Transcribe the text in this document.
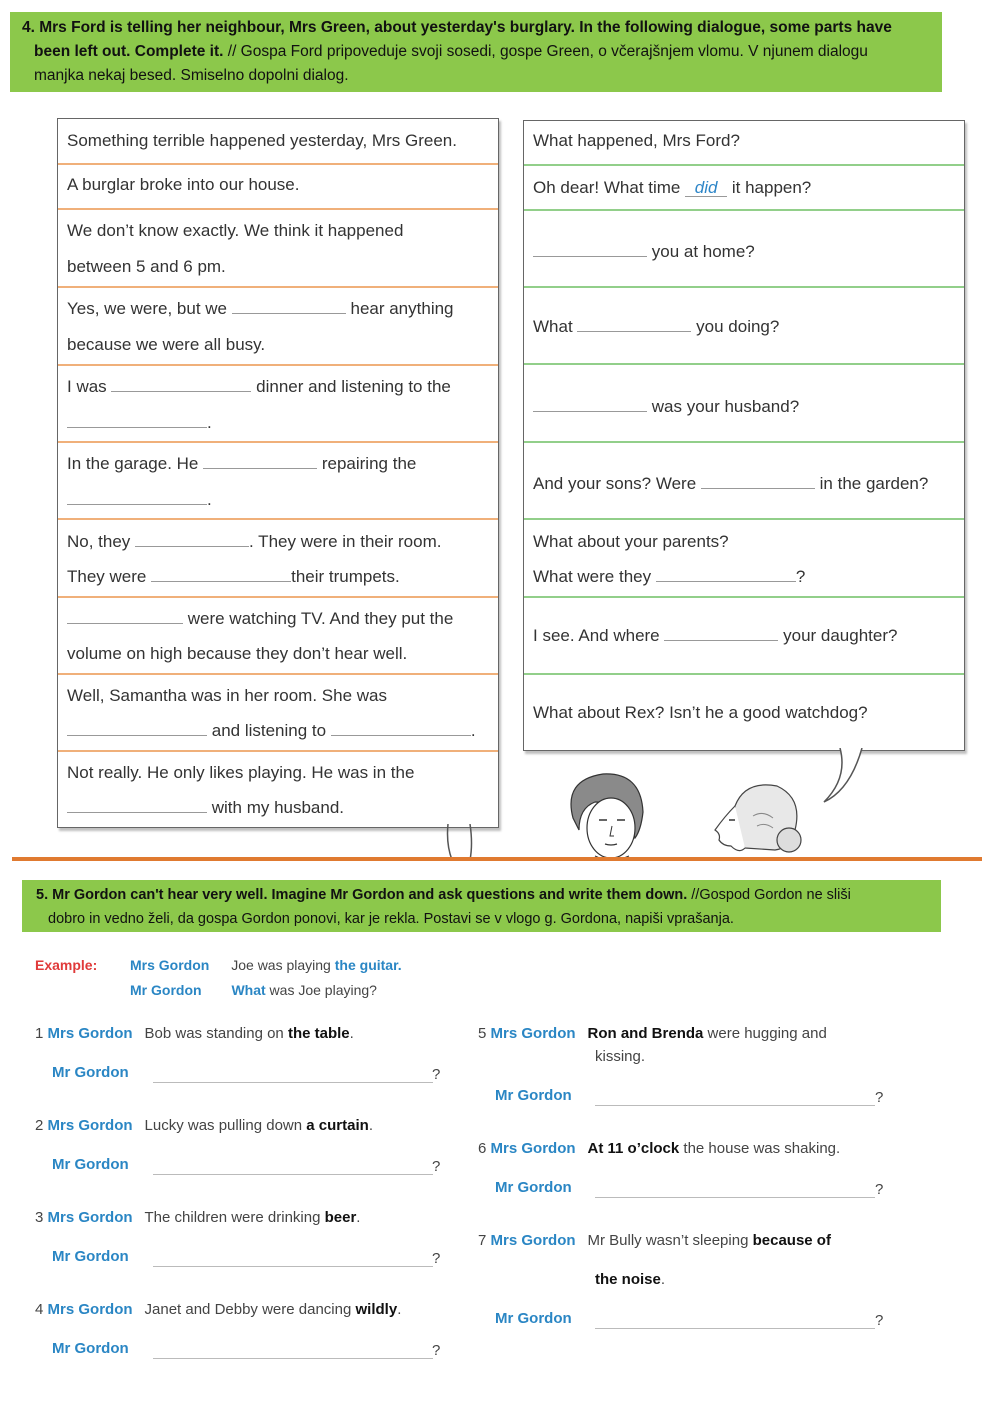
4. Mrs Ford is telling her neighbour, Mrs Green, about yesterday's burglary. In the following dialogue, some parts have
been left out. Complete it. // Gospa Ford pripoveduje svoji sosedi, gospe Green, o včerajšnjem vlomu. V njunem dialogu
manjka nekaj besed. Smiselno dopolni dialog.
Something terrible happened yesterday, Mrs Green.
A burglar broke into our house.
We don’t know exactly. We think it happened
between 5 and 6 pm.
Yes, we were, but we	hear anything
because we were all busy.
I was	dinner and listening to the
.
In the garage. He	repairing the
.
No, they	. They were in their room.
They were	their trumpets.
were watching TV. And they put the
volume on high because they don’t hear well.
Well, Samantha was in her room. She was
and listening to	.
Not really. He only likes playing. He was in the
with my husband.
What happened, Mrs Ford?
Oh dear! What time did it happen?
you at home?
What	you doing?
was your husband?
And your sons? Were	in the garden?
What about your parents?
What were they	?
I see. And where	your daughter?
What about Rex? Isn’t he a good watchdog?
5. Mr Gordon can't hear very well. Imagine Mr Gordon and ask questions and write them down. //Gospod Gordon ne sliši
dobro in vedno želi, da gospa Gordon ponovi, kar je rekla. Postavi se v vlogo g. Gordona, napiši vprašanja.
Example: Mrs Gordon Joe was playing the guitar.
Mr Gordon What was Joe playing?
1 Mrs Gordon Bob was standing on the table.
Mr Gordon	?
2 Mrs Gordon Lucky was pulling down a curtain.
Mr Gordon	?
3 Mrs Gordon The children were drinking beer.
Mr Gordon	?
4 Mrs Gordon Janet and Debby were dancing wildly.
Mr Gordon	?
5 Mrs Gordon Ron and Brenda were hugging and
kissing.
Mr Gordon	?
6 Mrs Gordon At 11 o’clock the house was shaking.
Mr Gordon	?
7 Mrs Gordon Mr Bully wasn’t sleeping because of
the noise.
Mr Gordon	?
